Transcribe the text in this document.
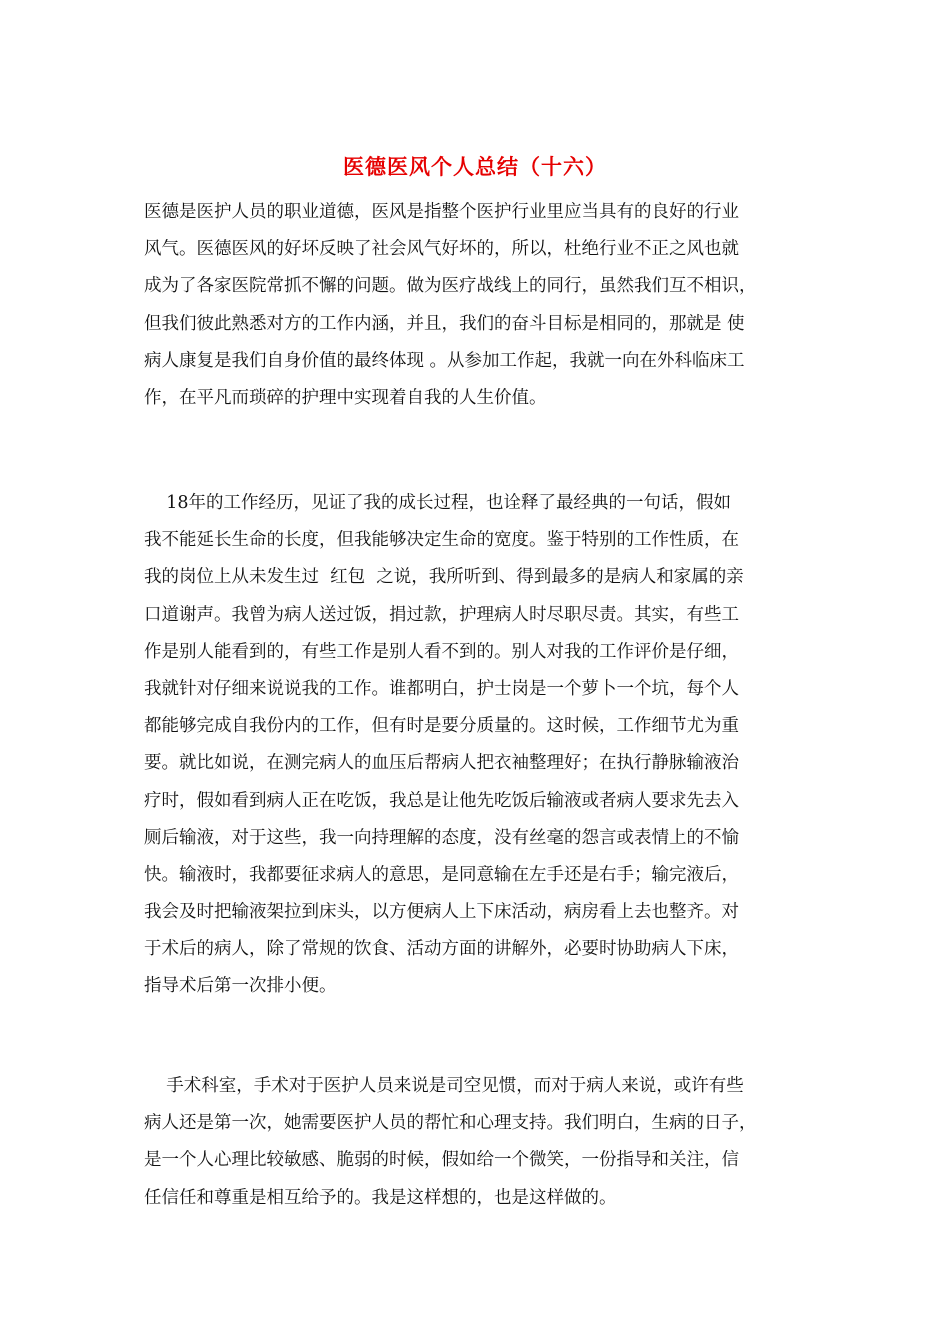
医德医风个人总结（十六）
医德是医护人员的职业道德，医风是指整个医护行业里应当具有的良好的行业
风气。医德医风的好坏反映了社会风气好坏的，所以，杜绝行业不正之风也就
成为了各家医院常抓不懈的问题。做为医疗战线上的同行，虽然我们互不相识，
但我们彼此熟悉对方的工作内涵，并且，我们的奋斗目标是相同的，那就是 使
病人康复是我们自身价值的最终体现 。从参加工作起，我就一向在外科临床工
作，在平凡而琐碎的护理中实现着自我的人生价值。
18年的工作经历，见证了我的成长过程，也诠释了最经典的一句话，假如
我不能延长生命的长度，但我能够决定生命的宽度。鉴于特别的工作性质，在
我的岗位上从未发生过  红包  之说，我所听到、得到最多的是病人和家属的亲
口道谢声。我曾为病人送过饭，捐过款，护理病人时尽职尽责。其实，有些工
作是别人能看到的，有些工作是别人看不到的。别人对我的工作评价是仔细，
我就针对仔细来说说我的工作。谁都明白，护士岗是一个萝卜一个坑，每个人
都能够完成自我份内的工作，但有时是要分质量的。这时候，工作细节尤为重
要。就比如说，在测完病人的血压后帮病人把衣袖整理好；在执行静脉输液治
疗时，假如看到病人正在吃饭，我总是让他先吃饭后输液或者病人要求先去入
厕后输液，对于这些，我一向持理解的态度，没有丝毫的怨言或表情上的不愉
快。输液时，我都要征求病人的意思，是同意输在左手还是右手；输完液后，
我会及时把输液架拉到床头，以方便病人上下床活动，病房看上去也整齐。对
于术后的病人，除了常规的饮食、活动方面的讲解外，必要时协助病人下床，
指导术后第一次排小便。
手术科室，手术对于医护人员来说是司空见惯，而对于病人来说，或许有些
病人还是第一次，她需要医护人员的帮忙和心理支持。我们明白，生病的日子，
是一个人心理比较敏感、脆弱的时候，假如给一个微笑，一份指导和关注，信
任信任和尊重是相互给予的。我是这样想的，也是这样做的。
